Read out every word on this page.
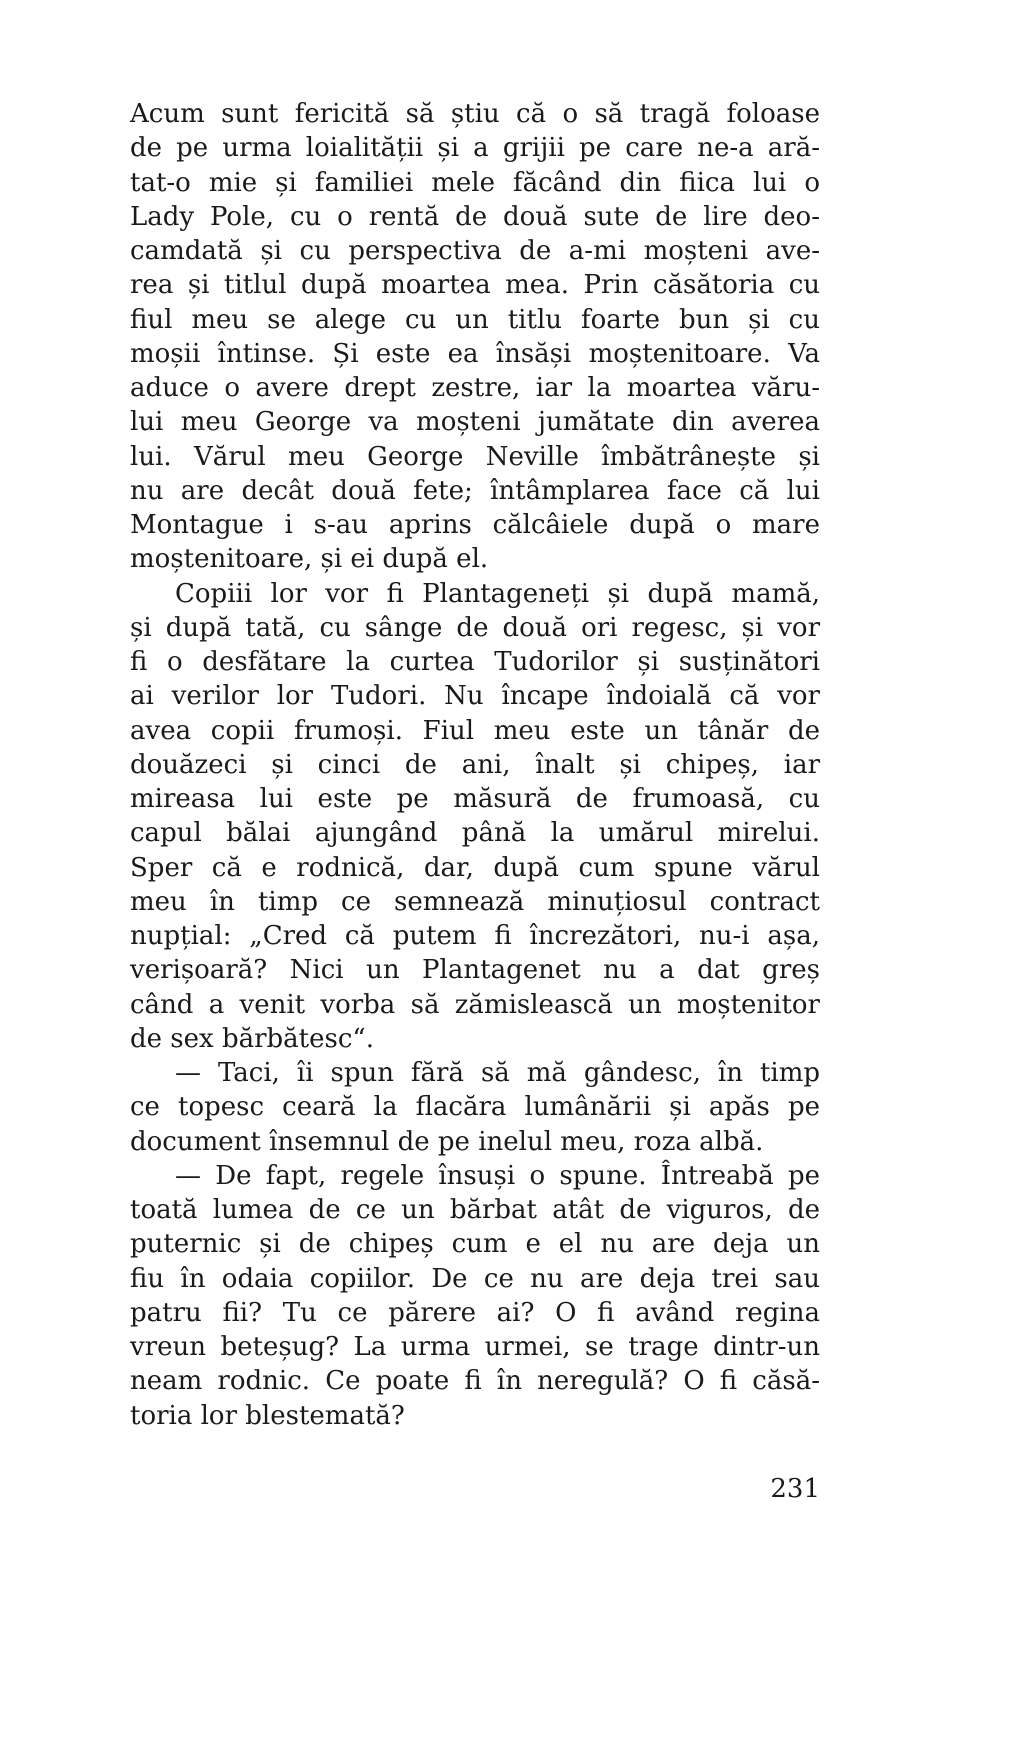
Acum sunt fericită să știu că o să tragă foloase
de pe urma loialității și a grijii pe care ne-a ară-
tat-o mie și familiei mele făcând din fiica lui o
Lady Pole, cu o rentă de două sute de lire deo-
camdată și cu perspectiva de a-mi moșteni ave-
rea și titlul după moartea mea. Prin căsătoria cu
fiul meu se alege cu un titlu foarte bun și cu
moșii întinse. Și este ea însăși moștenitoare. Va
aduce o avere drept zestre, iar la moartea văru-
lui meu George va moșteni jumătate din averea
lui. Vărul meu George Neville îmbătrânește și
nu are decât două fete; întâmplarea face că lui
Montague i s-au aprins călcâiele după o mare
moștenitoare, și ei după el.
Copiii lor vor fi Plantageneți și după mamă,
și după tată, cu sânge de două ori regesc, și vor
fi o desfătare la curtea Tudorilor și susținători
ai verilor lor Tudori. Nu încape îndoială că vor
avea copii frumoși. Fiul meu este un tânăr de
douăzeci și cinci de ani, înalt și chipeș, iar
mireasa lui este pe măsură de frumoasă, cu
capul bălai ajungând până la umărul mirelui.
Sper că e rodnică, dar, după cum spune vărul
meu în timp ce semnează minuțiosul contract
nupțial: „Cred că putem fi încrezători, nu-i așa,
verișoară? Nici un Plantagenet nu a dat greș
când a venit vorba să zămislească un moștenitor
de sex bărbătesc“.
— Taci, îi spun fără să mă gândesc, în timp
ce topesc ceară la flacăra lumânării și apăs pe
document însemnul de pe inelul meu, roza albă.
— De fapt, regele însuși o spune. Întreabă pe
toată lumea de ce un bărbat atât de viguros, de
puternic și de chipeș cum e el nu are deja un
fiu în odaia copiilor. De ce nu are deja trei sau
patru fii? Tu ce părere ai? O fi având regina
vreun beteșug? La urma urmei, se trage dintr-un
neam rodnic. Ce poate fi în neregulă? O fi căsă-
toria lor blestemată?
231
